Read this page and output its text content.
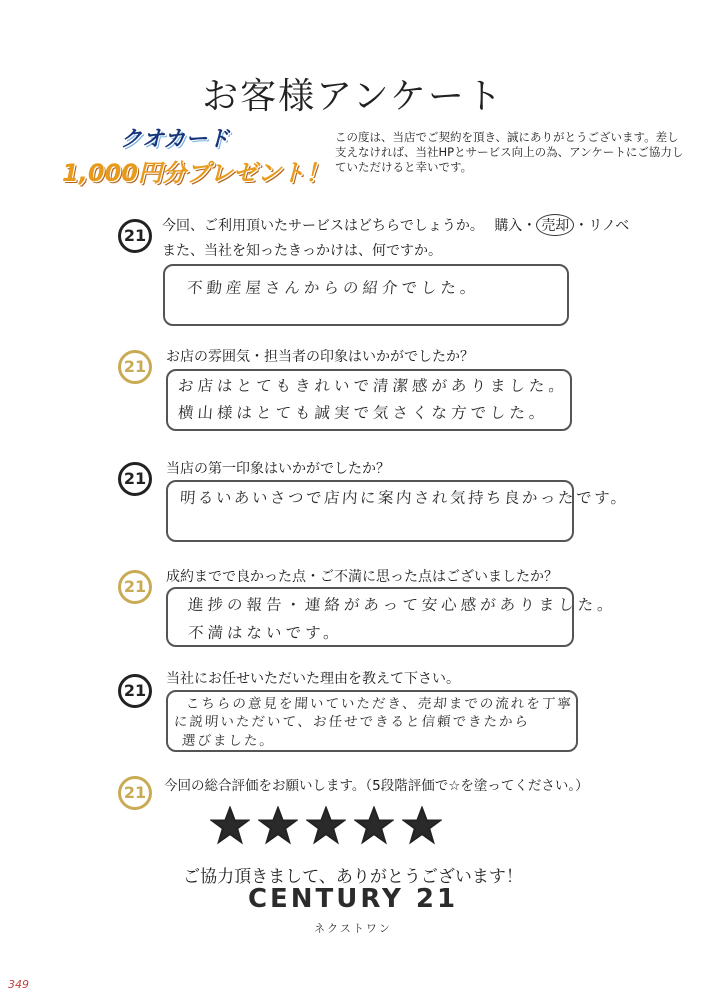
お客様アンケート
クオカード
1,000円分プレゼント！
この度は、当店でご契約を頂き、誠にありがとうございます。差し支えなければ、当社HPとサービス向上の為、アンケートにご協力していただけると幸いです。
21	今回、ご利用頂いたサービスはどちらでしょうか。 購入・ 売却 ・リノベ
また、当社を知ったきっかけは、何ですか。
不動産屋さんからの紹介でした。
21	お店の雰囲気・担当者の印象はいかがでしたか？
お店はとてもきれいで清潔感がありました。
横山様はとても誠実で気さくな方でした。
21	当店の第一印象はいかがでしたか？
明るいあいさつで店内に案内され気持ち良かったです。
21	成約までで良かった点・ご不満に思った点はございましたか？
進捗の報告・連絡があって安心感がありました。
不満はないです。
21
当社にお任せいただいた理由を教えて下さい。
こちらの意見を聞いていただき、売却までの流れを丁寧
に説明いただいて、お任せできると信頼できたから
選びました。
21	今回の総合評価をお願いします。（5段階評価で☆を塗ってください。）
ご協力頂きまして、ありがとうございます！
CENTURY 21
ネクストワン
349
